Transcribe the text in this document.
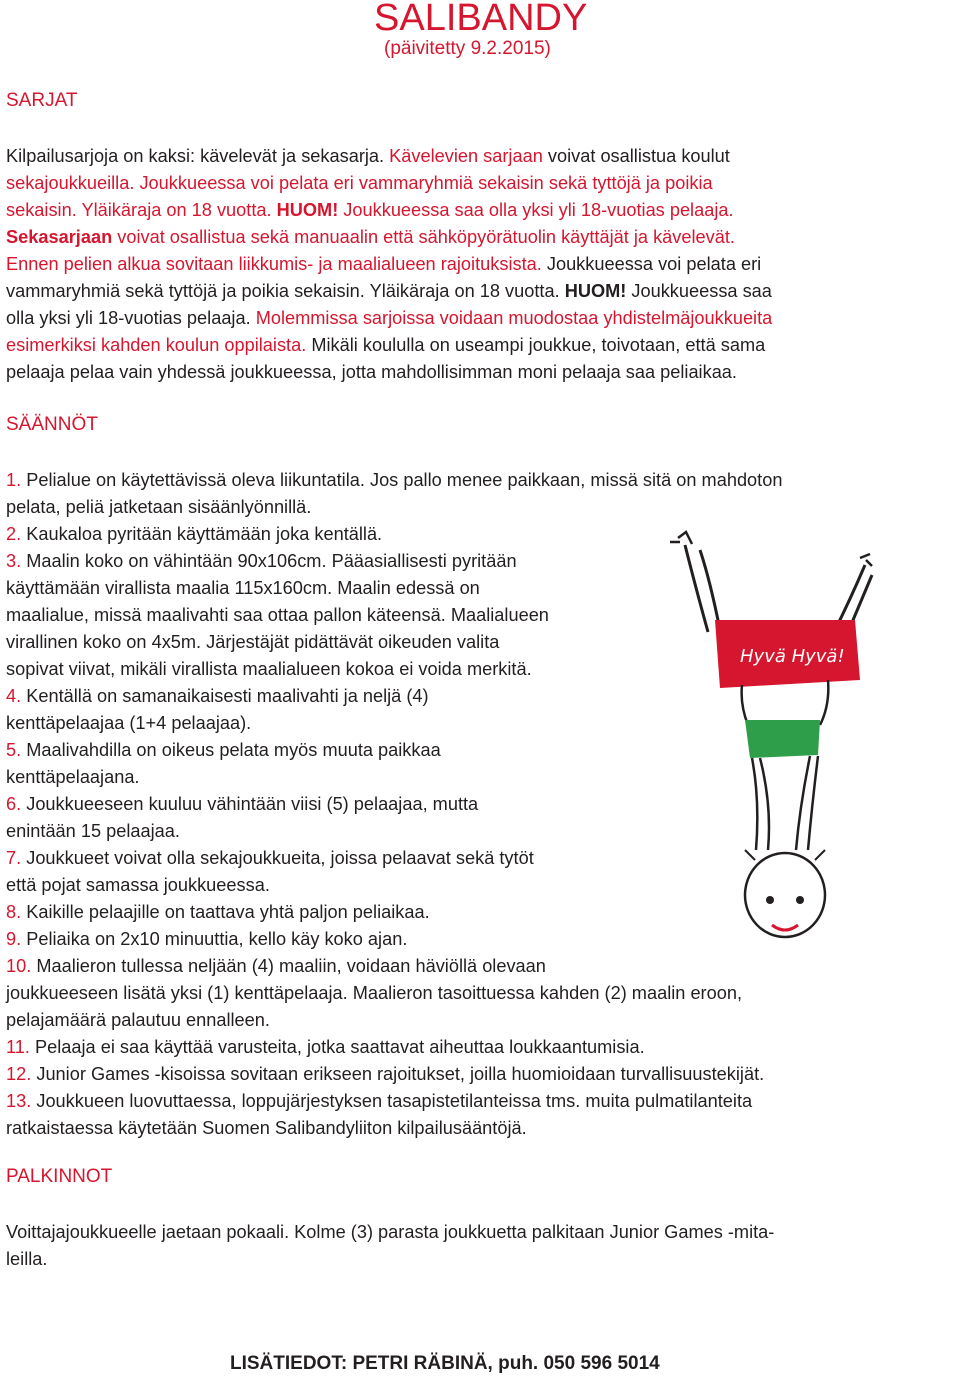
SALIBANDY
(päivitetty 9.2.2015)
SARJAT
Kilpailusarjoja on kaksi: kävelevät ja sekasarja. Kävelevien sarjaan voivat osallistua koulut
sekajoukkueilla. Joukkueessa voi pelata eri vammaryhmiä sekaisin sekä tyttöjä ja poikia
sekaisin. Yläikäraja on 18 vuotta. HUOM! Joukkueessa saa olla yksi yli 18-vuotias pelaaja.
Sekasarjaan voivat osallistua sekä manuaalin että sähköpyörätuolin käyttäjät ja kävelevät.
Ennen pelien alkua sovitaan liikkumis- ja maalialueen rajoituksista. Joukkueessa voi pelata eri
vammaryhmiä sekä tyttöjä ja poikia sekaisin. Yläikäraja on 18 vuotta. HUOM! Joukkueessa saa
olla yksi yli 18-vuotias pelaaja. Molemmissa sarjoissa voidaan muodostaa yhdistelmäjoukkueita
esimerkiksi kahden koulun oppilaista. Mikäli koululla on useampi joukkue, toivotaan, että sama
pelaaja pelaa vain yhdessä joukkueessa, jotta mahdollisimman moni pelaaja saa peliaikaa.
SÄÄNNÖT
1. Pelialue on käytettävissä oleva liikuntatila. Jos pallo menee paikkaan, missä sitä on mahdoton
pelata, peliä jatketaan sisäänlyönnillä.
2. Kaukaloa pyritään käyttämään joka kentällä.
3. Maalin koko on vähintään 90x106cm. Pääasiallisesti pyritään
käyttämään virallista maalia 115x160cm. Maalin edessä on
maalialue, missä maalivahti saa ottaa pallon käteensä. Maalialueen
virallinen koko on 4x5m. Järjestäjät pidättävät oikeuden valita
sopivat viivat, mikäli virallista maalialueen kokoa ei voida merkitä.
4. Kentällä on samanaikaisesti maalivahti ja neljä (4)
kenttäpelaajaa (1+4 pelaajaa).
5. Maalivahdilla on oikeus pelata myös muuta paikkaa
kenttäpelaajana.
6. Joukkueeseen kuuluu vähintään viisi (5) pelaajaa, mutta
enintään 15 pelaajaa.
7. Joukkueet voivat olla sekajoukkueita, joissa pelaavat sekä tytöt
että pojat samassa joukkueessa.
8. Kaikille pelaajille on taattava yhtä paljon peliaikaa.
9. Peliaika on 2x10 minuuttia, kello käy koko ajan.
10. Maalieron tullessa neljään (4) maaliin, voidaan häviöllä olevaan
joukkueeseen lisätä yksi (1) kenttäpelaaja. Maalieron tasoittuessa kahden (2) maalin eroon,
pelajamäärä palautuu ennalleen.
11. Pelaaja ei saa käyttää varusteita, jotka saattavat aiheuttaa loukkaantumisia.
12. Junior Games -kisoissa sovitaan erikseen rajoitukset, joilla huomioidaan turvallisuustekijät.
13. Joukkueen luovuttaessa, loppujärjestyksen tasapistetilanteissa tms. muita pulmatilanteita
ratkaistaessa käytetään Suomen Salibandyliiton kilpailusääntöjä.
PALKINNOT
Voittajajoukkueelle jaetaan pokaali. Kolme (3) parasta joukkuetta palkitaan Junior Games -mita-
leilla.
Hyvä Hyvä!
LISÄTIEDOT: PETRI RÄBINÄ, puh. 050 596 5014
